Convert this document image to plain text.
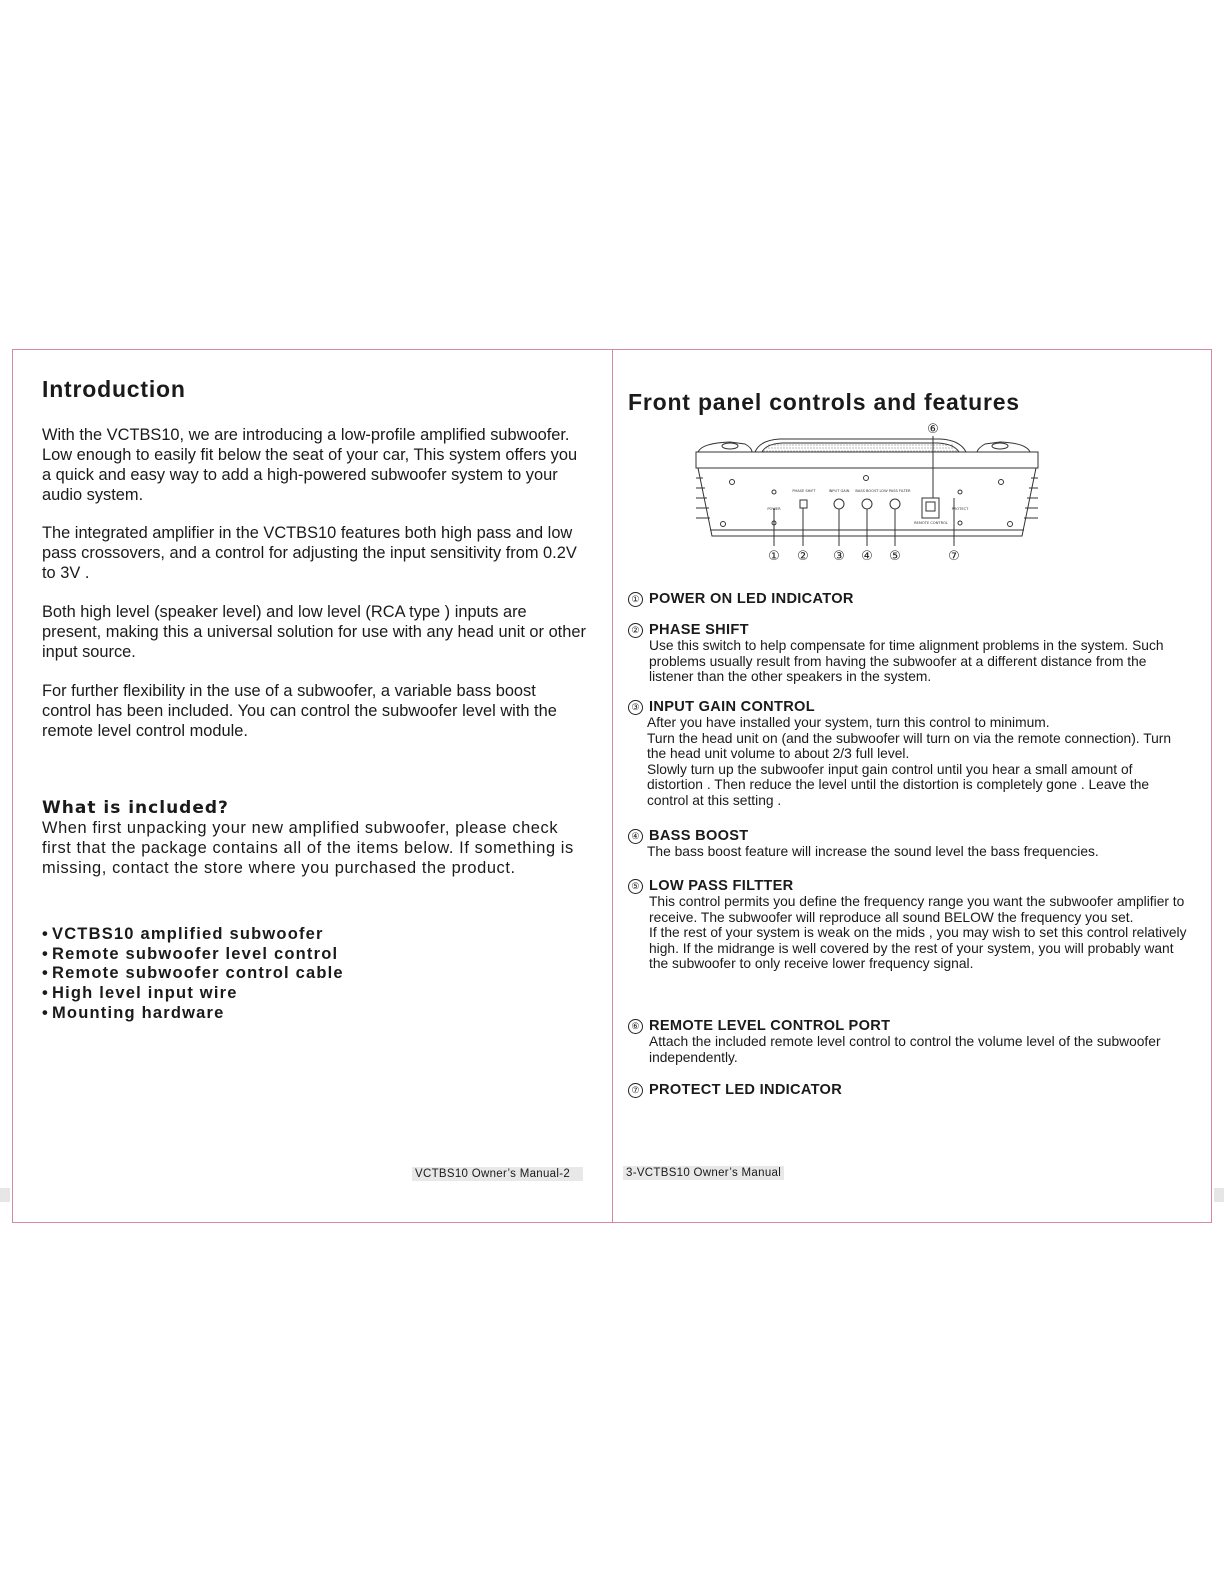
Introduction

With the VCTBS10, we are introducing a low-profile amplified subwoofer. Low enough to easily fit below the seat of your car, This system offers you a quick and easy way to add a high-powered subwoofer system to your audio system.

The integrated amplifier in the VCTBS10 features both high pass and low pass crossovers, and a control for adjusting the input sensitivity from 0.2V to 3V .

Both high level (speaker level) and low level (RCA type ) inputs are present, making this a universal solution for use with any head unit or other input source.

For further flexibility in the use of a subwoofer, a variable bass boost control has been included. You can control the subwoofer level with the remote level control module.

What is included?

When first unpacking your new amplified subwoofer, please check first that the package contains all of the items below. If something is missing, contact the store where you purchased the product.

• VCTBS10 amplified subwoofer
• Remote subwoofer level control
• Remote subwoofer control cable
• High level input wire
• Mounting hardware
VCTBS10 Owner’s Manual-2
Front panel controls and features
POWER
PHASE SHIFT	INPUT GAIN BASS BOOST LOW PASS FILTER
REMOTE CONTROL
PROTECT
① ② ③ ④ ⑤
⑥
⑦
① POWER ON LED INDICATOR
② PHASE SHIFT

Use this switch to help compensate for time alignment problems in the system. Such problems usually result from having the subwoofer at a different distance from the listener than the other speakers in the system.

③ INPUT GAIN CONTROL

After you have installed your system, turn this control to minimum.

Turn the head unit on (and the subwoofer will turn on via the remote connection). Turn the head unit volume to about 2/3 full level.

Slowly turn up the subwoofer input gain control until you hear a small amount of distortion . Then reduce the level until the distortion is completely gone . Leave the control at this setting .

④ BASS BOOST

The bass boost feature will increase the sound level the bass frequencies.

⑤ LOW PASS FILTTER

This control permits you define the frequency range you want the subwoofer amplifier to receive. The subwoofer will reproduce all sound BELOW the frequency you set.

If the rest of your system is weak on the mids , you may wish to set this control relatively high. If the midrange is well covered by the rest of your system, you will probably want the subwoofer to only receive lower frequency signal.

⑥ REMOTE LEVEL CONTROL PORT

Attach the included remote level control to control the volume level of the subwoofer independently.

⑦ PROTECT LED INDICATOR
3-VCTBS10 Owner’s Manual
